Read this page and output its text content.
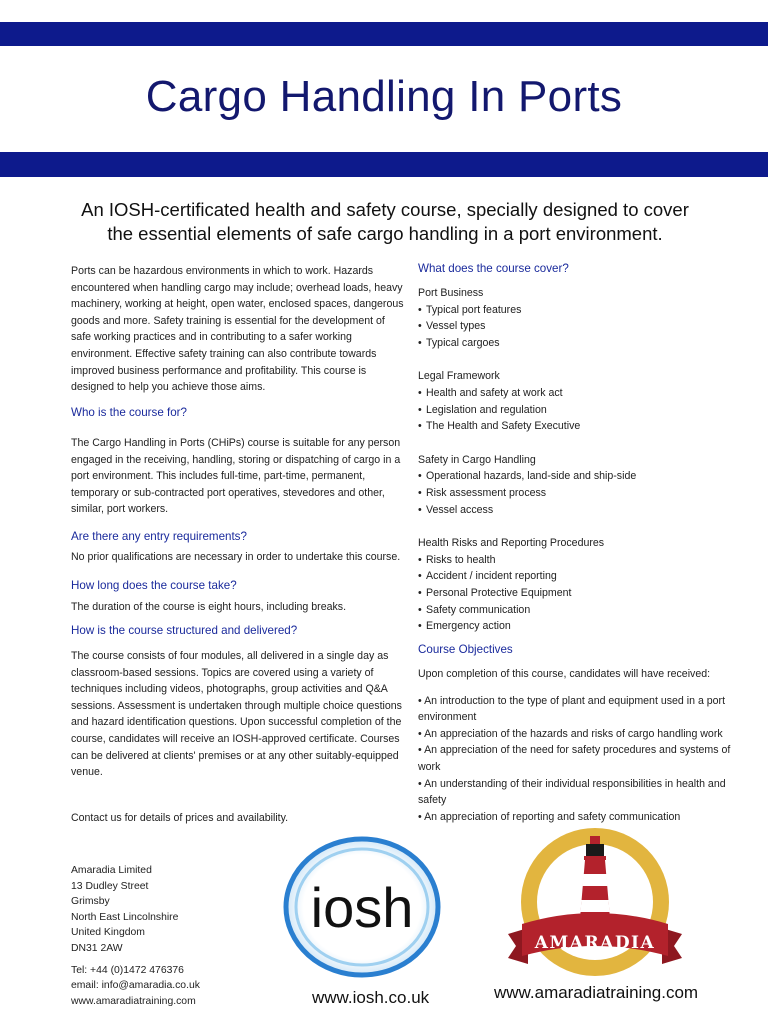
Cargo Handling In Ports
An IOSH-certificated health and safety course, specially designed to cover
the essential elements of safe cargo handling in a port environment.

Ports can be hazardous environments in which to work. Hazards encountered when handling cargo may include; overhead loads, heavy machinery, working at height, open water, enclosed spaces, dangerous goods and more. Safety training is essential for the development of safe working practices and in contributing to a safer working environment. Effective safety training can also contribute towards improved business performance and profitability. This course is designed to help you achieve those aims.

Who is the course for?

The Cargo Handling in Ports (CHiPs) course is suitable for any person engaged in the receiving, handling, storing or dispatching of cargo in a port environment. This includes full-time, part-time, permanent, temporary or sub-contracted port operatives, stevedores and other, similar, port workers.

Are there any entry requirements?

No prior qualifications are necessary in order to undertake this course.

How long does the course take?

The duration of the course is eight hours, including breaks.

How is the course structured and delivered?

The course consists of four modules, all delivered in a single day as classroom-based sessions. Topics are covered using a variety of techniques including videos, photographs, group activities and Q&A sessions. Assessment is undertaken through multiple choice questions and hazard identification questions. Upon successful completion of the course, candidates will receive an IOSH-approved certificate. Courses can be delivered at clients' premises or at any other suitably-equipped venue.

Contact us for details of prices and availability.

What does the course cover?

Port Business

• Typical port features

• Vessel types

• Typical cargoes

Legal Framework

• Health and safety at work act

• Legislation and regulation

• The Health and Safety Executive

Safety in Cargo Handling

• Operational hazards, land-side and ship-side

• Risk assessment process

• Vessel access

Health Risks and Reporting Procedures

• Risks to health

• Accident / incident reporting

• Personal Protective Equipment

• Safety communication

• Emergency action

Course Objectives

Upon completion of this course, candidates will have received:

• An introduction to the type of plant and equipment used in a port environment

• An appreciation of the hazards and risks of cargo handling work

• An appreciation of the need for safety procedures and systems of work

• An understanding of their individual responsibilities in health and safety

• An appreciation of reporting and safety communication

Amaradia Limited
13 Dudley Street
Grimsby
North East Lincolnshire
United Kingdom
DN31 2AW
Tel: +44 (0)1472 476376
email: info@amaradia.co.uk
www.amaradiatraining.com
iosh
www.iosh.co.uk
AMARADIA
www.amaradiatraining.com
